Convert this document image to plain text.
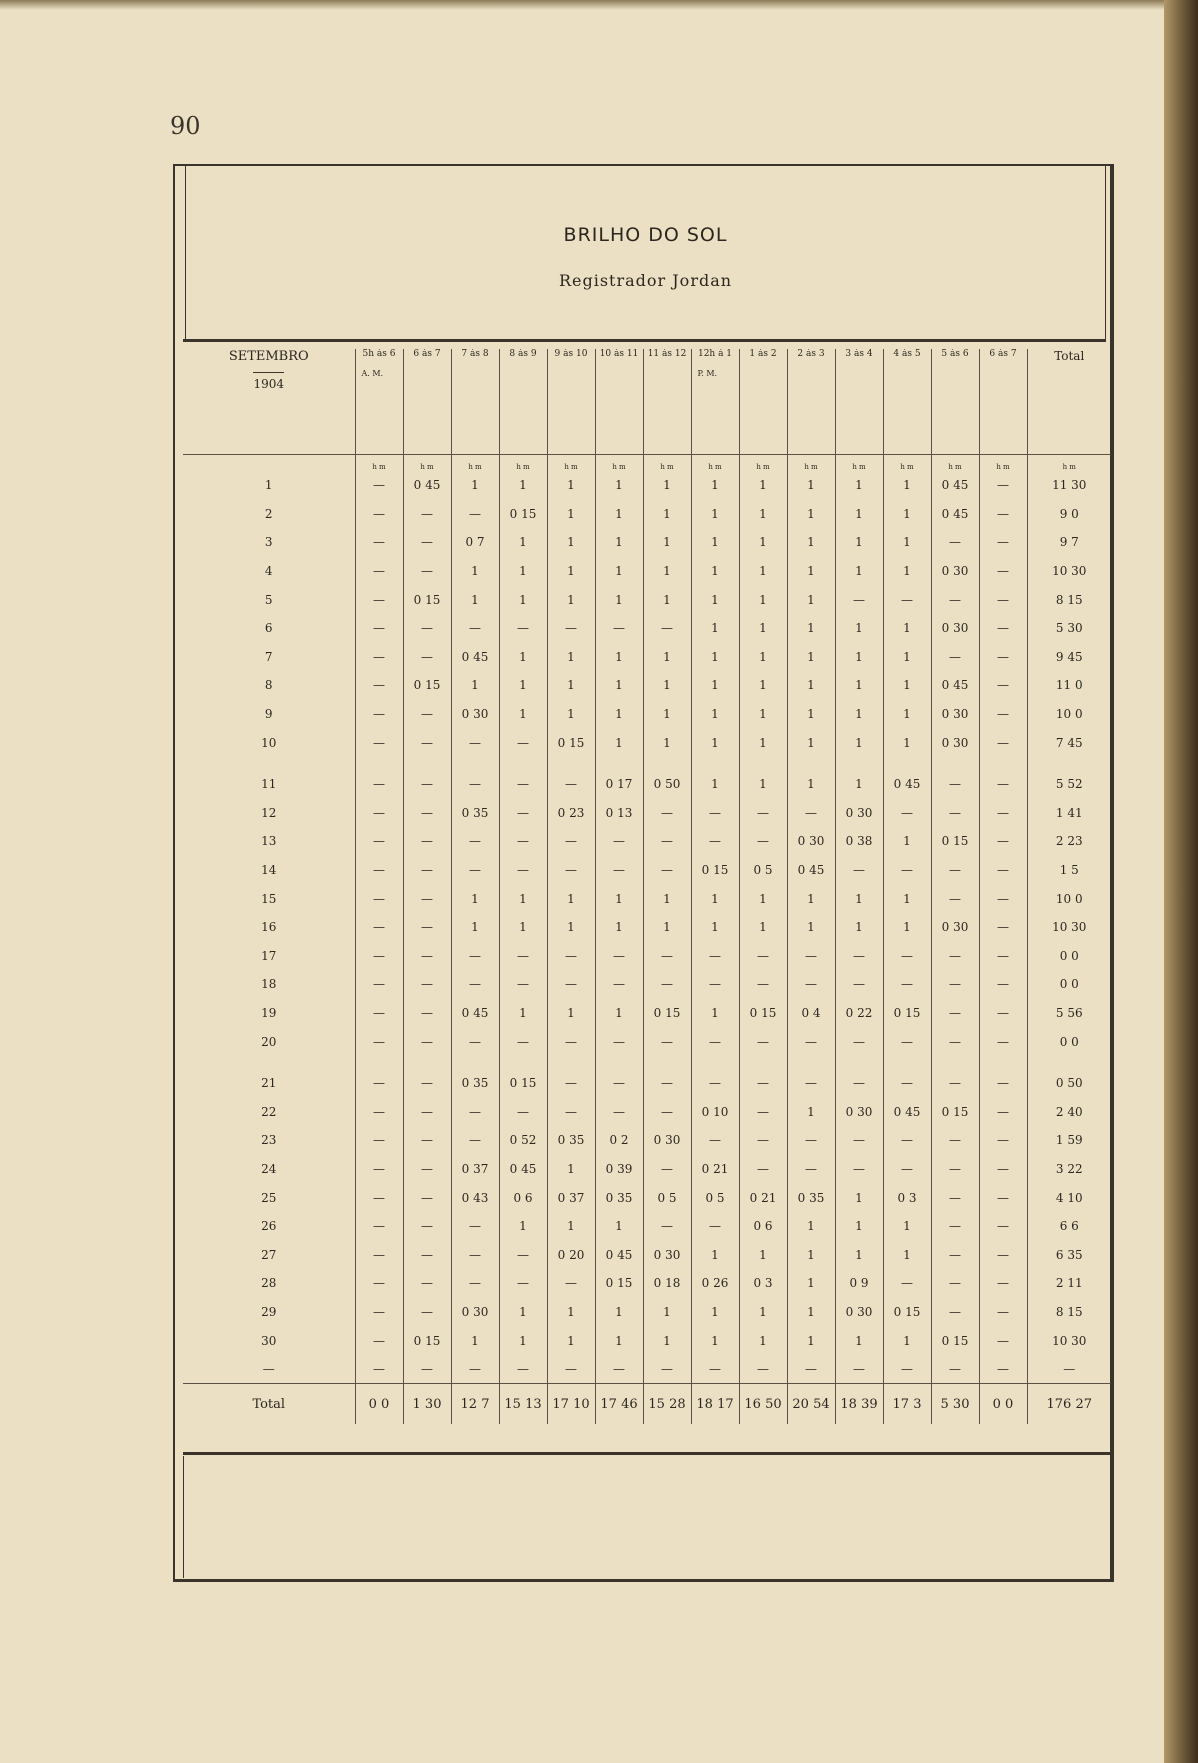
90
BRILHO DO SOL
Registrador Jordan
SETEMBRO
1904	5h ás 6
A. M.	6 ás 7	7 ás 8	8 ás 9	9 ás 10	10 ás 11	11 ás 12	12h á 1
P. M.	1 ás 2	2 ás 3	3 ás 4	4 ás 5	5 ás 6	6 ás 7	Total
	h m	h m	h m	h m	h m	h m	h m	h m	h m	h m	h m	h m	h m	h m	h m
1	—	0 45	1	1	1	1	1	1	1	1	1	1	0 45	—	11 30
2	—	—	—	0 15	1	1	1	1	1	1	1	1	0 45	—	9 0
3	—	—	0 7	1	1	1	1	1	1	1	1	1	—	—	9 7
4	—	—	1	1	1	1	1	1	1	1	1	1	0 30	—	10 30
5	—	0 15	1	1	1	1	1	1	1	1	—	—	—	—	8 15
6	—	—	—	—	—	—	—	1	1	1	1	1	0 30	—	5 30
7	—	—	0 45	1	1	1	1	1	1	1	1	1	—	—	9 45
8	—	0 15	1	1	1	1	1	1	1	1	1	1	0 45	—	11 0
9	—	—	0 30	1	1	1	1	1	1	1	1	1	0 30	—	10 0
10	—	—	—	—	0 15	1	1	1	1	1	1	1	0 30	—	7 45

11	—	—	—	—	—	0 17	0 50	1	1	1	1	0 45	—	—	5 52
12	—	—	0 35	—	0 23	0 13	—	—	—	—	0 30	—	—	—	1 41
13	—	—	—	—	—	—	—	—	—	0 30	0 38	1	0 15	—	2 23
14	—	—	—	—	—	—	—	0 15	0 5	0 45	—	—	—	—	1 5
15	—	—	1	1	1	1	1	1	1	1	1	1	—	—	10 0
16	—	—	1	1	1	1	1	1	1	1	1	1	0 30	—	10 30
17	—	—	—	—	—	—	—	—	—	—	—	—	—	—	0 0
18	—	—	—	—	—	—	—	—	—	—	—	—	—	—	0 0
19	—	—	0 45	1	1	1	0 15	1	0 15	0 4	0 22	0 15	—	—	5 56
20	—	—	—	—	—	—	—	—	—	—	—	—	—	—	0 0

21	—	—	0 35	0 15	—	—	—	—	—	—	—	—	—	—	0 50
22	—	—	—	—	—	—	—	0 10	—	1	0 30	0 45	0 15	—	2 40
23	—	—	—	0 52	0 35	0 2	0 30	—	—	—	—	—	—	—	1 59
24	—	—	0 37	0 45	1	0 39	—	0 21	—	—	—	—	—	—	3 22
25	—	—	0 43	0 6	0 37	0 35	0 5	0 5	0 21	0 35	1	0 3	—	—	4 10
26	—	—	—	1	1	1	—	—	0 6	1	1	1	—	—	6 6
27	—	—	—	—	0 20	0 45	0 30	1	1	1	1	1	—	—	6 35
28	—	—	—	—	—	0 15	0 18	0 26	0 3	1	0 9	—	—	—	2 11
29	—	—	0 30	1	1	1	1	1	1	1	0 30	0 15	—	—	8 15
30	—	0 15	1	1	1	1	1	1	1	1	1	1	0 15	—	10 30
—	—	—	—	—	—	—	—	—	—	—	—	—	—	—	—
Total	0 0	1 30	12 7	15 13	17 10	17 46	15 28	18 17	16 50	20 54	18 39	17 3	5 30	0 0	176 27
